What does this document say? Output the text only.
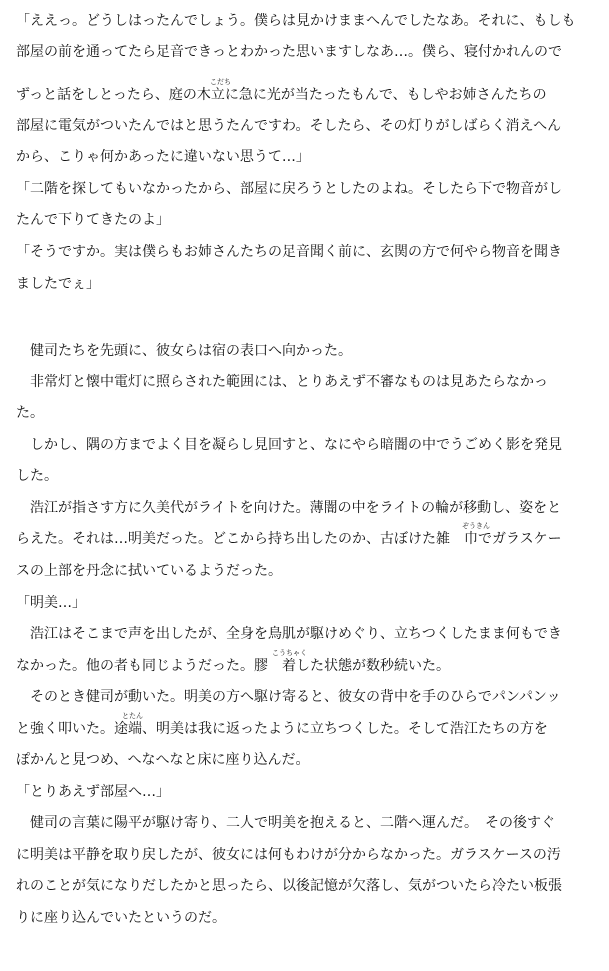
「ええっ。どうしはったんでしょう。僕らは見かけままへんでしたなあ。それに、もしも
部屋の前を通ってたら足音できっとわかった思いますしなあ…。僕ら、寝付かれんので
こだち
ずっと話をしとったら、庭の木立に急に光が当たったもんで、もしやお姉さんたちの
部屋に電気がついたんではと思うたんですわ。そしたら、その灯りがしばらく消えへん
から、こりゃ何かあったに違いない思うて…」
「二階を探してもいなかったから、部屋に戻ろうとしたのよね。そしたら下で物音がし
たんで下りてきたのよ」
「そうですか。実は僕らもお姉さんたちの足音聞く前に、玄関の方で何やら物音を聞き
ましたでぇ」
　健司たちを先頭に、彼女らは宿の表口へ向かった。
　非常灯と懐中電灯に照らされた範囲には、とりあえず不審なものは見あたらなかっ
た。
　しかし、隅の方までよく目を凝らし見回すと、なにやら暗闇の中でうごめく影を発見
した。
　浩江が指さす方に久美代がライトを向けた。薄闇の中をライトの輪が移動し、姿をと
ぞうきん
らえた。それは…明美だった。どこから持ち出したのか、古ぼけた雑　巾でガラスケー
スの上部を丹念に拭いているようだった。
「明美…」
　浩江はそこまで声を出したが、全身を鳥肌が駆けめぐり、立ちつくしたまま何もでき
こうちゃく
なかった。他の者も同じようだった。膠　着した状態が数秒続いた。
　そのとき健司が動いた。明美の方へ駆け寄ると、彼女の背中を手のひらでパンパンッ
とたん
と強く叩いた。途端、明美は我に返ったように立ちつくした。そして浩江たちの方を
ぽかんと見つめ、へなへなと床に座り込んだ。
「とりあえず部屋へ…」
　健司の言葉に陽平が駆け寄り、二人で明美を抱えると、二階へ運んだ。　その後すぐ
に明美は平静を取り戻したが、彼女には何もわけが分からなかった。ガラスケースの汚
れのことが気になりだしたかと思ったら、以後記憶が欠落し、気がついたら冷たい板張
りに座り込んでいたというのだ。
